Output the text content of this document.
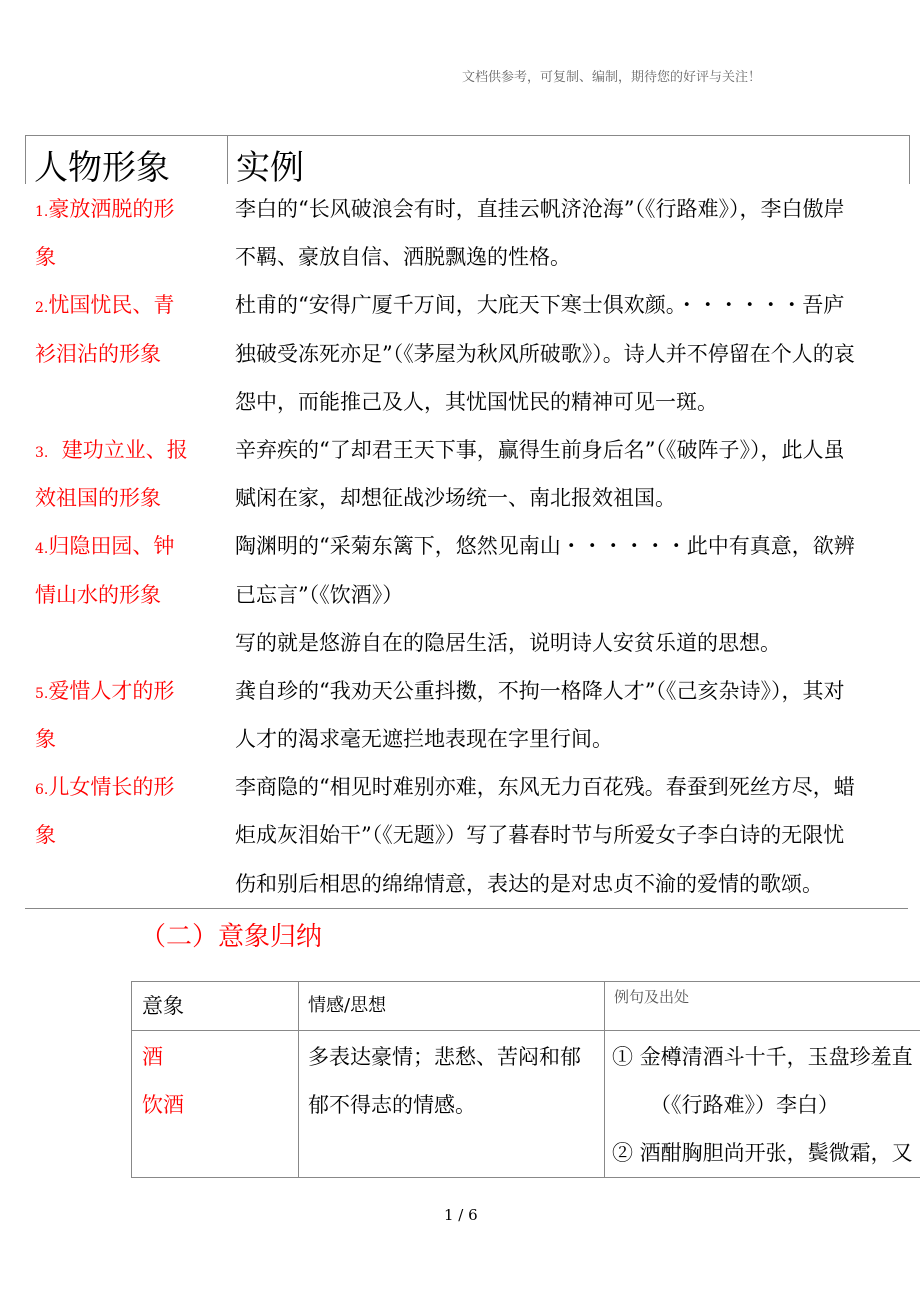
文档供参考，可复制、编制，期待您的好评与关注！
人物形象 实例
1.豪放洒脱的形
象
李白的“长风破浪会有时，直挂云帆济沧海”（《行路难》），李白傲岸
不羁、豪放自信、洒脱飘逸的性格。
2.忧国忧民、青
衫泪沾的形象
杜甫的“安得广厦千万间，大庇天下寒士俱欢颜。・・・・・・吾庐
独破受冻死亦足”（《茅屋为秋风所破歌》）。诗人并不停留在个人的哀
怨中，而能推己及人，其忧国忧民的精神可见一斑。
3.  建功立业、报
效祖国的形象
辛弃疾的“了却君王天下事，赢得生前身后名”（《破阵子》），此人虽
赋闲在家，却想征战沙场统一、南北报效祖国。
4.归隐田园、钟
情山水的形象
陶渊明的“采菊东篱下，悠然见南山・・・・・・此中有真意，欲辨
已忘言”（《饮酒》）
写的就是悠游自在的隐居生活，说明诗人安贫乐道的思想。
5.爱惜人才的形
象
龚自珍的“我劝天公重抖擞，不拘一格降人才”（《己亥杂诗》），其对
人才的渴求毫无遮拦地表现在字里行间。
6.儿女情长的形
象
李商隐的“相见时难别亦难，东风无力百花残。春蚕到死丝方尽，蜡
炬成灰泪始干”（《无题》）写了暮春时节与所爱女子李白诗的无限忧
伤和别后相思的绵绵情意，表达的是对忠贞不渝的爱情的歌颂。
（二）意象归纳
意象	情感/思想	例句及出处
酒
饮酒
多表达豪情；悲愁、苦闷和郁
郁不得志的情感。
① 金樽清酒斗十千，玉盘珍羞直
（《行路难》）李白）
② 酒酣胸胆尚开张，鬓微霜，又
1 / 6
